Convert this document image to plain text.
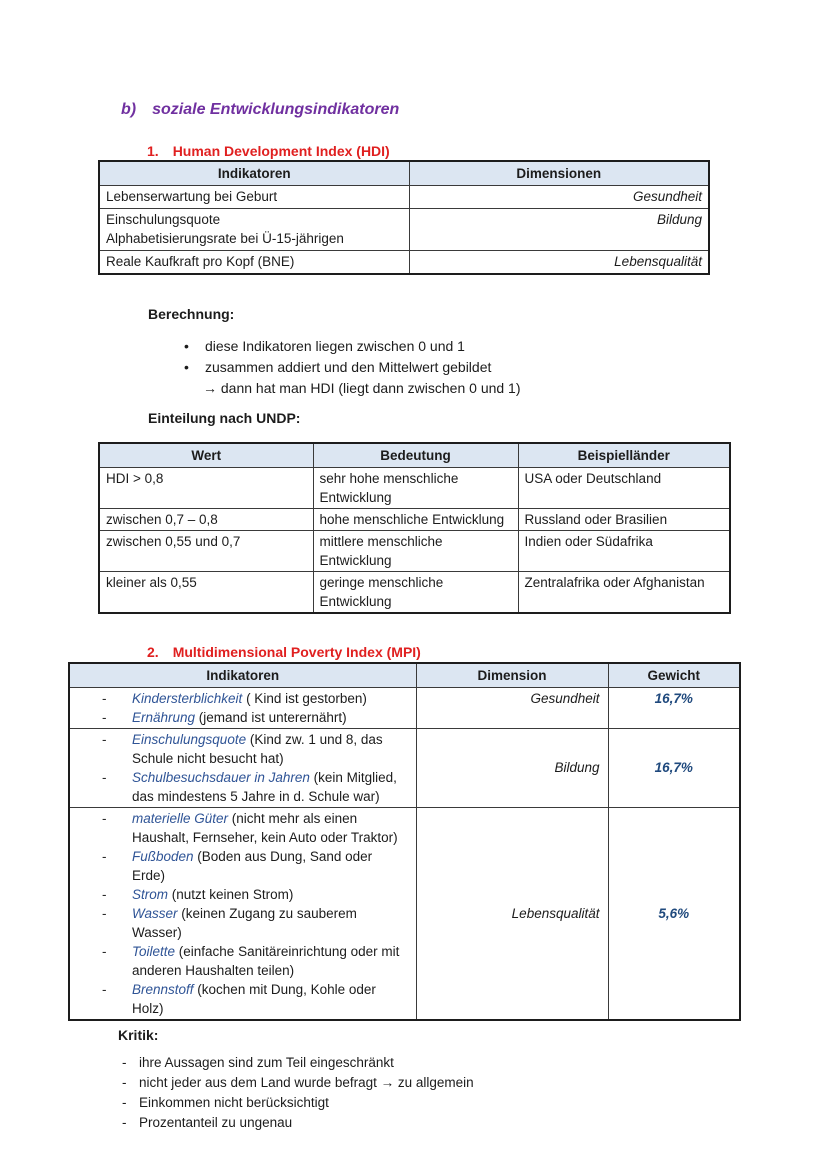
b) soziale Entwicklungsindikatoren
1. Human Development Index (HDI)
Indikatoren	Dimensionen

Lebenserwartung bei Geburt	Gesundheit

Einschulungsquote
Alphabetisierungsrate bei Ü-15-jährigen	Bildung

Reale Kaufkraft pro Kopf (BNE)	Lebensqualität
Berechnung:
• diese Indikatoren liegen zwischen 0 und 1
• zusammen addiert und den Mittelwert gebildet
→ dann hat man HDI (liegt dann zwischen 0 und 1)
Einteilung nach UNDP:
Wert	Bedeutung	Beispielländer
HDI > 0,8	sehr hohe menschliche Entwicklung	USA oder Deutschland
zwischen 0,7 – 0,8	hohe menschliche Entwicklung	Russland oder Brasilien
zwischen 0,55 und 0,7	mittlere menschliche Entwicklung	Indien oder Südafrika
kleiner als 0,55	geringe menschliche Entwicklung	Zentralafrika oder Afghanistan
2. Multidimensional Poverty Index (MPI)
Indikatoren	Dimension	Gewicht

- Kindersterblichkeit ( Kind ist gestorben)
- Ernährung (jemand ist unterernährt)	Gesundheit	16,7%

- Einschulungsquote (Kind zw. 1 und 8, das Schule nicht besucht hat)
- Schulbesuchsdauer in Jahren (kein Mitglied, das mindestens 5 Jahre in d. Schule war)	Bildung	16,7%

- materielle Güter (nicht mehr als einen Haushalt, Fernseher, kein Auto oder Traktor)
- Fußboden (Boden aus Dung, Sand oder Erde)
- Strom (nutzt keinen Strom)
- Wasser (keinen Zugang zu sauberem Wasser)
- Toilette (einfache Sanitäreinrichtung oder mit anderen Haushalten teilen)
- Brennstoff (kochen mit Dung, Kohle oder Holz)
	Lebensqualität	5,6%
Kritik:
- ihre Aussagen sind zum Teil eingeschränkt
- nicht jeder aus dem Land wurde befragt → zu allgemein
- Einkommen nicht berücksichtigt
- Prozentanteil zu ungenau
